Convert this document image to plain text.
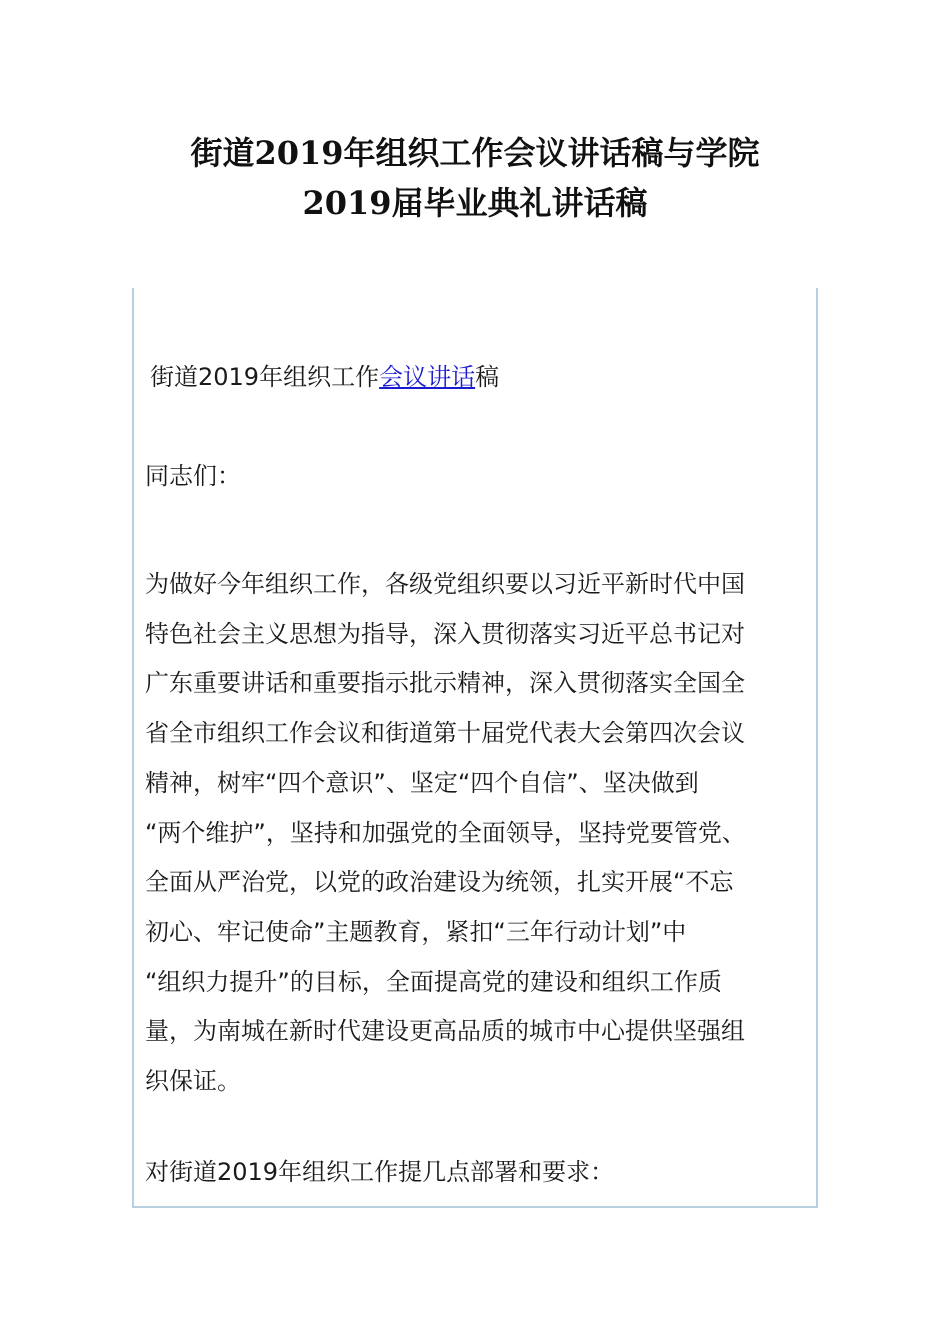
街道2019年组织工作会议讲话稿与学院
2019届毕业典礼讲话稿
街道2019年组织工作会议讲话稿
同志们：
为做好今年组织工作，各级党组织要以习近平新时代中国
特色社会主义思想为指导，深入贯彻落实习近平总书记对
广东重要讲话和重要指示批示精神，深入贯彻落实全国全
省全市组织工作会议和街道第十届党代表大会第四次会议
精神，树牢“四个意识”、坚定“四个自信”、坚决做到
“两个维护”，坚持和加强党的全面领导，坚持党要管党、
全面从严治党，以党的政治建设为统领，扎实开展“不忘
初心、牢记使命”主题教育，紧扣“三年行动计划”中
“组织力提升”的目标，全面提高党的建设和组织工作质
量，为南城在新时代建设更高品质的城市中心提供坚强组
织保证。
对街道2019年组织工作提几点部署和要求：
